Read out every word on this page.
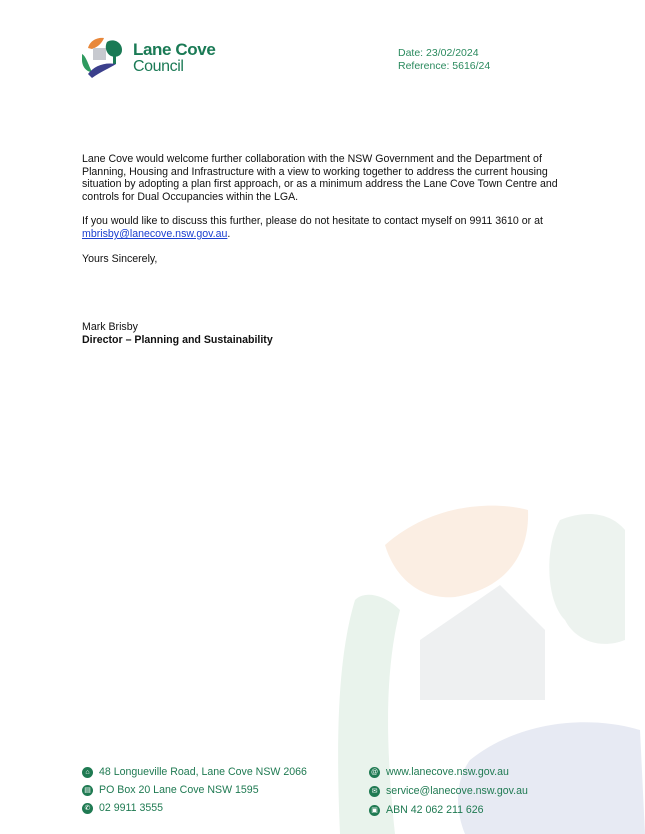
Lane Cove
Council
Date: 23/02/2024
Reference: 5616/24

Lane Cove would welcome further collaboration with the NSW Government and the Department of Planning, Housing and Infrastructure with a view to working together to address the current housing situation by adopting a plan first approach, or as a minimum address the Lane Cove Town Centre and controls for Dual Occupancies within the LGA.

If you would like to discuss this further, please do not hesitate to contact myself on 9911 3610 or at mbrisby@lanecove.nsw.gov.au.

Yours Sincerely,

Mark Brisby
Director – Planning and Sustainability
⌂ 48 Longueville Road, Lane Cove NSW 2066
▤ PO Box 20 Lane Cove NSW 1595
✆ 02 9911 3555
@ www.lanecove.nsw.gov.au
✉ service@lanecove.nsw.gov.au
▣ ABN 42 062 211 626
